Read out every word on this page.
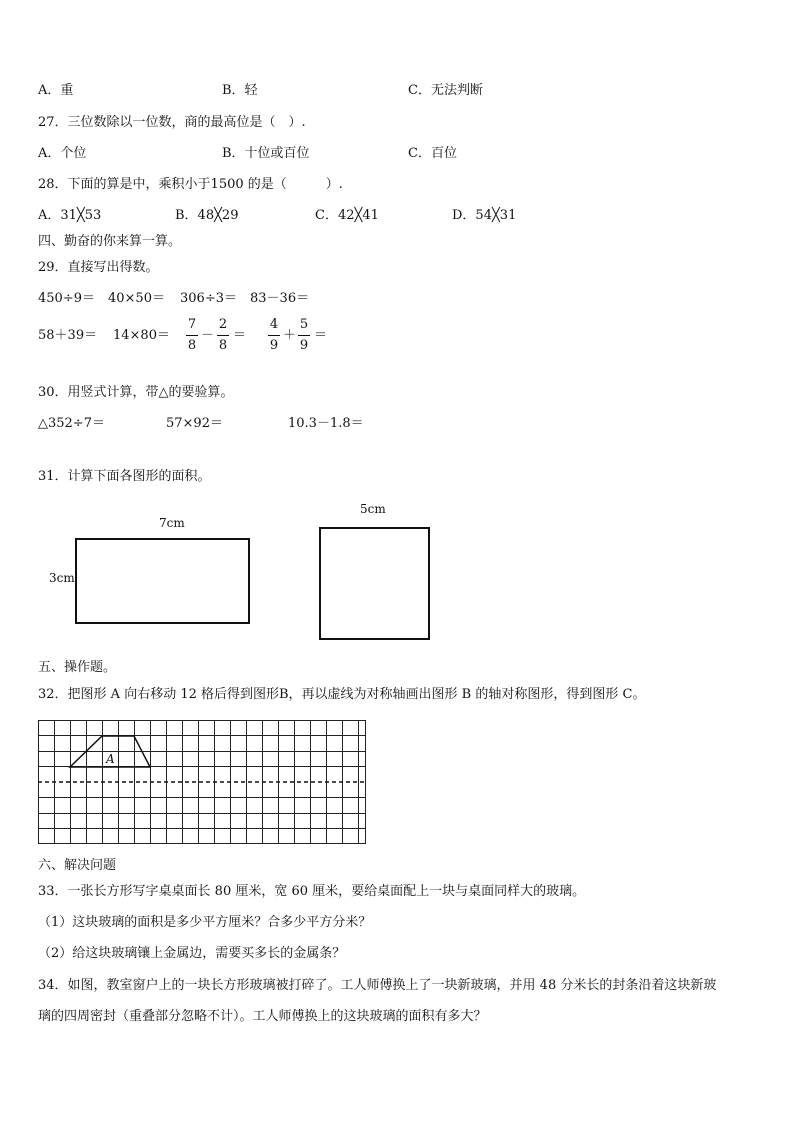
A．重	B．轻	C．无法判断
27．三位数除以一位数，商的最高位是（　）.
A．个位	B．十位或百位	C．百位
28．下面的算是中，乘积小于1500 的是（　　　）.
A．31╳53	B．48╳29	C．42╳41	D．54╳31
四、勤奋的你来算一算。
29．直接写出得数。
450÷9＝ 40×50＝ 306÷3＝ 83－36＝
58＋39＝ 14×80＝
7
8
－
2
8
＝
4
9
＋
5
9
＝
30．用竖式计算，带△的要验算。
△352÷7＝	57×92＝	10.3－1.8＝
31．计算下面各图形的面积。
7cm
3cm
5cm
五、操作题。
32．把图形 A 向右移动 12 格后得到图形B，再以虚线为对称轴画出图形 B 的轴对称图形，得到图形 C。
A
六、解决问题
33．一张长方形写字桌桌面长 80 厘米，宽 60 厘米，要给桌面配上一块与桌面同样大的玻璃。
（1）这块玻璃的面积是多少平方厘米？合多少平方分米？
（2）给这块玻璃镶上金属边，需要买多长的金属条？
34．如图，教室窗户上的一块长方形玻璃被打碎了。工人师傅换上了一块新玻璃，并用 48 分米长的封条沿着这块新玻
璃的四周密封（重叠部分忽略不计）。工人师傅换上的这块玻璃的面积有多大？
